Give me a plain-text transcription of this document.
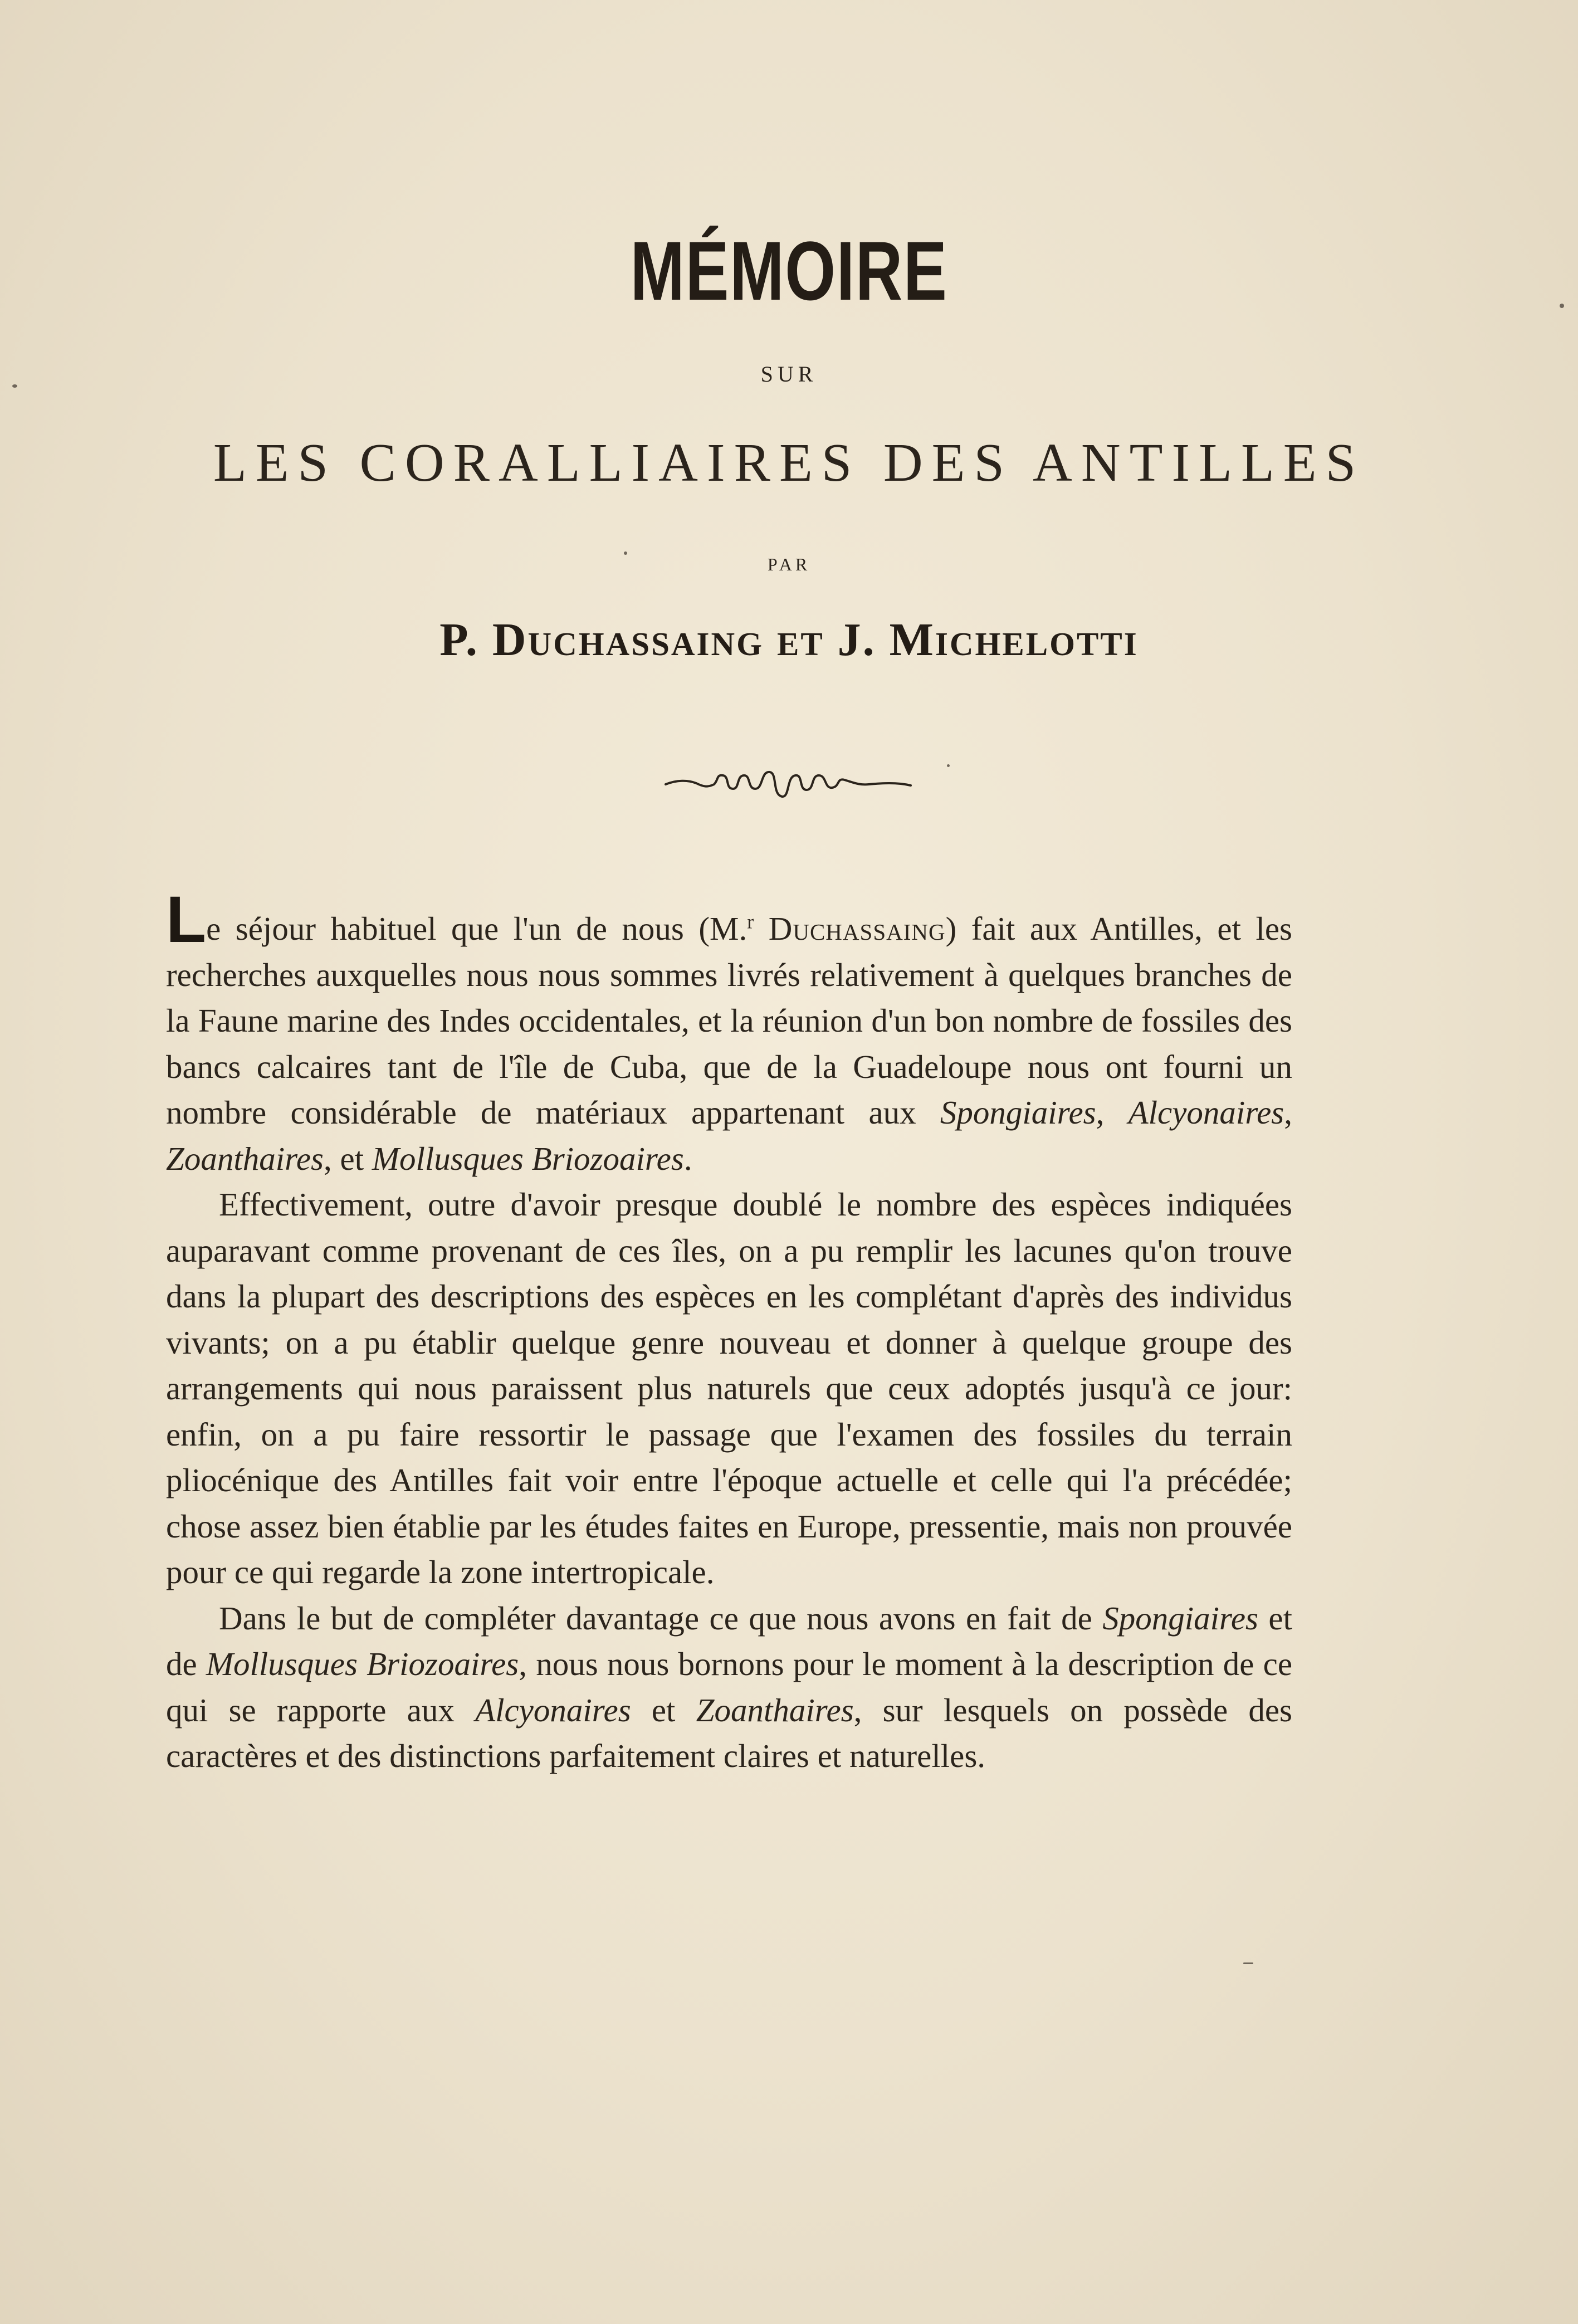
MÉMOIRE
SUR
LES CORALLIAIRES DES ANTILLES
PAR
P. Duchassaing et J. Michelotti

Le séjour habituel que l'un de nous (M.$^r$ Duchassaing) fait aux Antilles, et les recherches auxquelles nous nous sommes livrés relativement à quelques branches de la Faune marine des Indes occidentales, et la réunion d'un bon nombre de fossiles des bancs calcaires tant de l'île de Cuba, que de la Guadeloupe nous ont fourni un nombre considérable de matériaux appartenant aux Spongiaires, Alcyonaires, Zoanthaires, et Mollusques Briozoaires.

Effectivement, outre d'avoir presque doublé le nombre des espèces indiquées auparavant comme provenant de ces îles, on a pu remplir les lacunes qu'on trouve dans la plupart des descriptions des espèces en les complétant d'après des individus vivants; on a pu établir quelque genre nouveau et donner à quelque groupe des arrangements qui nous paraissent plus naturels que ceux adoptés jusqu'à ce jour: enfin, on a pu faire ressortir le passage que l'examen des fossiles du terrain pliocénique des Antilles fait voir entre l'époque actuelle et celle qui l'a précédée; chose assez bien établie par les études faites en Europe, pressentie, mais non prouvée pour ce qui regarde la zone intertropicale.

Dans le but de compléter davantage ce que nous avons en fait de Spongiaires et de Mollusques Briozoaires, nous nous bornons pour le moment à la description de ce qui se rapporte aux Alcyonaires et Zoanthaires, sur lesquels on possède des caractères et des distinctions parfaitement claires et naturelles.
